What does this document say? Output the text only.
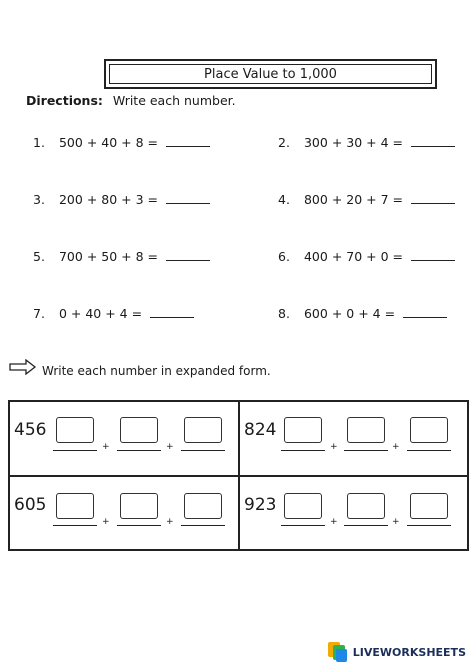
Place Value to 1,000
Directions: Write each number.
1. 500 + 40 + 8 =	2. 300 + 30 + 4 =
3. 200 + 80 + 3 =	4. 800 + 20 + 7 =
5. 700 + 50 + 8 =	6. 400 + 70 + 0 =
7. 0 + 40 + 4 =	8. 600 + 0 + 4 =
Write each number in expanded form.
456
+	+
824
+	+
605
+	+
923
+	+
LIVEWORKSHEETS
